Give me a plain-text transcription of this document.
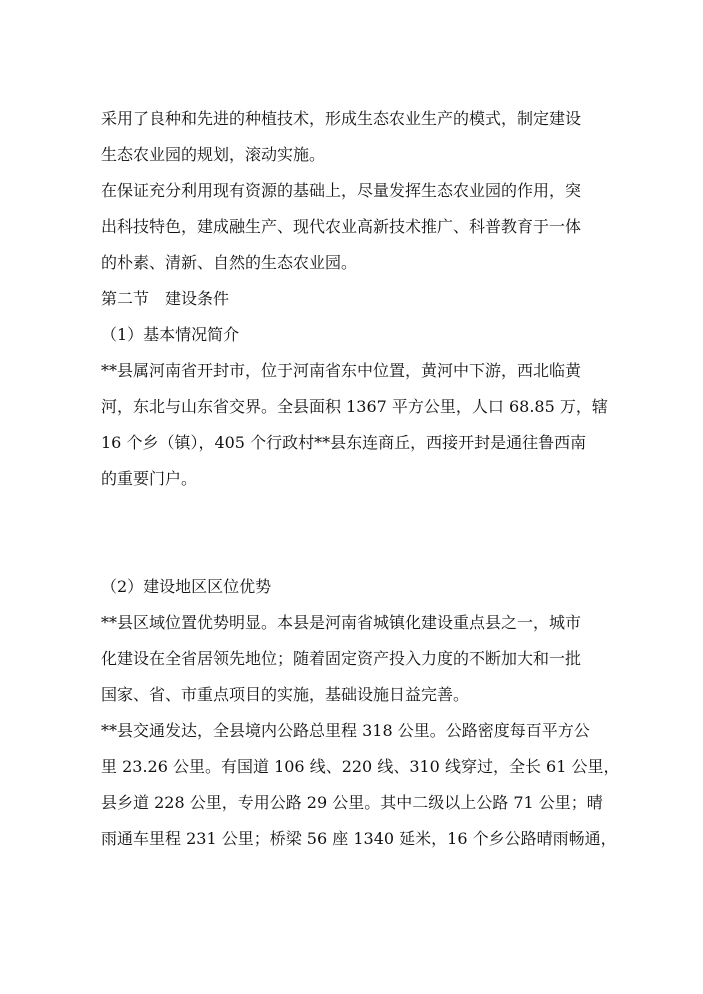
采用了良种和先进的种植技术，形成生态农业生产的模式，制定建设
生态农业园的规划，滚动实施。
在保证充分利用现有资源的基础上，尽量发挥生态农业园的作用，突
出科技特色，建成融生产、现代农业高新技术推广、科普教育于一体
的朴素、清新、自然的生态农业园。
第二节　建设条件
（1）基本情况简介
**县属河南省开封市，位于河南省东中位置，黄河中下游，西北临黄
河，东北与山东省交界。全县面积 1367 平方公里，人口 68.85 万，辖
16 个乡（镇），405 个行政村**县东连商丘，西接开封是通往鲁西南
的重要门户。
（2）建设地区区位优势
**县区域位置优势明显。本县是河南省城镇化建设重点县之一，城市
化建设在全省居领先地位；随着固定资产投入力度的不断加大和一批
国家、省、市重点项目的实施，基础设施日益完善。
**县交通发达，全县境内公路总里程 318 公里。公路密度每百平方公
里 23.26 公里。有国道 106 线、220 线、310 线穿过，全长 61 公里，
县乡道 228 公里，专用公路 29 公里。其中二级以上公路 71 公里；晴
雨通车里程 231 公里；桥梁 56 座 1340 延米，16 个乡公路晴雨畅通，
